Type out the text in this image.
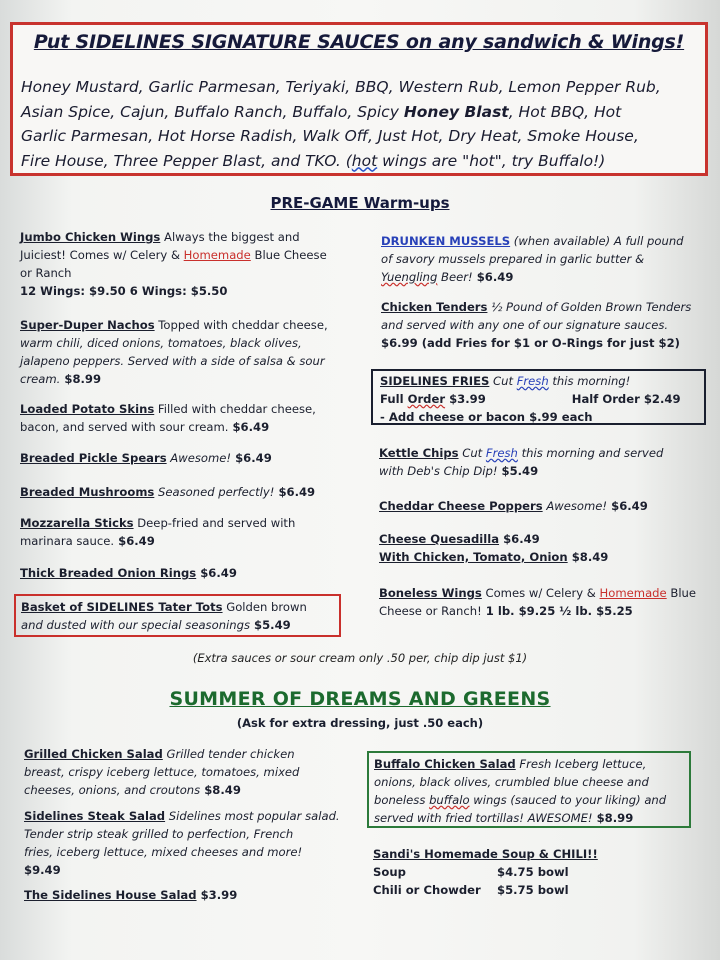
Put SIDELINES SIGNATURE SAUCES on any sandwich & Wings!
Honey Mustard, Garlic Parmesan, Teriyaki, BBQ, Western Rub, Lemon Pepper Rub,
Asian Spice, Cajun, Buffalo Ranch, Buffalo, Spicy Honey Blast, Hot BBQ, Hot
Garlic Parmesan, Hot Horse Radish, Walk Off, Just Hot, Dry Heat, Smoke House,
Fire House, Three Pepper Blast, and TKO. (hot wings are "hot", try Buffalo!)
PRE-GAME Warm-ups
Jumbo Chicken Wings Always the biggest and
Juiciest! Comes w/ Celery & Homemade Blue Cheese
or Ranch
12 Wings: $9.50 6 Wings: $5.50
Super-Duper Nachos Topped with cheddar cheese,
warm chili, diced onions, tomatoes, black olives,
jalapeno peppers. Served with a side of salsa & sour
cream. $8.99
Loaded Potato Skins Filled with cheddar cheese,
bacon, and served with sour cream. $6.49
Breaded Pickle Spears Awesome! $6.49
Breaded Mushrooms Seasoned perfectly! $6.49
Mozzarella Sticks Deep-fried and served with
marinara sauce. $6.49
Thick Breaded Onion Rings $6.49
Basket of SIDELINES Tater Tots Golden brown
and dusted with our special seasonings $5.49
DRUNKEN MUSSELS (when available) A full pound
of savory mussels prepared in garlic butter &
Yuengling Beer! $6.49
Chicken Tenders ½ Pound of Golden Brown Tenders
and served with any one of our signature sauces.
$6.99 (add Fries for $1 or O-Rings for just $2)
SIDELINES FRIES Cut Fresh this morning!
Full Order $3.99	Half Order $2.49
- Add cheese or bacon $.99 each
Kettle Chips Cut Fresh this morning and served
with Deb's Chip Dip! $5.49
Cheddar Cheese Poppers Awesome! $6.49
Cheese Quesadilla $6.49
With Chicken, Tomato, Onion $8.49
Boneless Wings Comes w/ Celery & Homemade Blue
Cheese or Ranch! 1 lb. $9.25 ½ lb. $5.25
(Extra sauces or sour cream only .50 per, chip dip just $1)
SUMMER OF DREAMS AND GREENS
(Ask for extra dressing, just .50 each)
Grilled Chicken Salad Grilled tender chicken
breast, crispy iceberg lettuce, tomatoes, mixed
cheeses, onions, and croutons $8.49
Sidelines Steak Salad Sidelines most popular salad.
Tender strip steak grilled to perfection, French
fries, iceberg lettuce, mixed cheeses and more!
$9.49
The Sidelines House Salad $3.99
Buffalo Chicken Salad Fresh Iceberg lettuce,
onions, black olives, crumbled blue cheese and
boneless buffalo wings (sauced to your liking) and
served with fried tortillas! AWESOME! $8.99
Sandi's Homemade Soup & CHILI!!
Soup	$4.75 bowl
Chili or Chowder $5.75 bowl
